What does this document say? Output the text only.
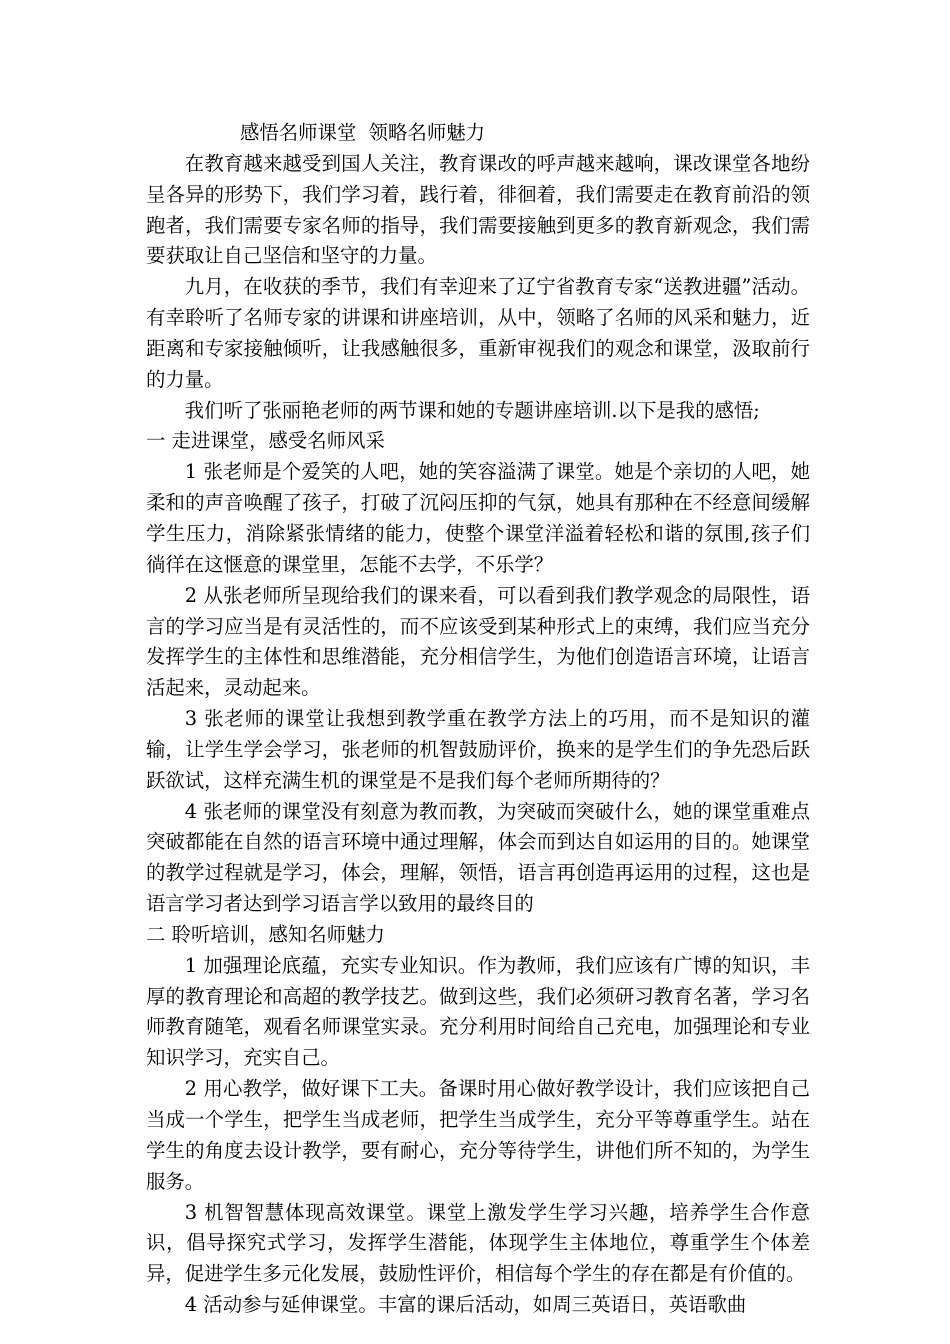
感悟名师课堂  领略名师魅力

在教育越来越受到国人关注，教育课改的呼声越来越响，课改课堂各地纷呈各异的形势下，我们学习着，践行着，徘徊着，我们需要走在教育前沿的领跑者，我们需要专家名师的指导，我们需要接触到更多的教育新观念，我们需要获取让自己坚信和坚守的力量。

九月，在收获的季节，我们有幸迎来了辽宁省教育专家“送教进疆”活动。有幸聆听了名师专家的讲课和讲座培训，从中，领略了名师的风采和魅力，近距离和专家接触倾听，让我感触很多，重新审视我们的观念和课堂，汲取前行的力量。

我们听了张丽艳老师的两节课和她的专题讲座培训.以下是我的感悟;

一 走进课堂，感受名师风采

1 张老师是个爱笑的人吧，她的笑容溢满了课堂。她是个亲切的人吧，她柔和的声音唤醒了孩子，打破了沉闷压抑的气氛，她具有那种在不经意间缓解学生压力，消除紧张情绪的能力，使整个课堂洋溢着轻松和谐的氛围,孩子们徜徉在这惬意的课堂里，怎能不去学，不乐学？

2 从张老师所呈现给我们的课来看，可以看到我们教学观念的局限性，语言的学习应当是有灵活性的，而不应该受到某种形式上的束缚，我们应当充分发挥学生的主体性和思维潜能，充分相信学生，为他们创造语言环境，让语言活起来，灵动起来。

3 张老师的课堂让我想到教学重在教学方法上的巧用，而不是知识的灌输，让学生学会学习，张老师的机智鼓励评价，换来的是学生们的争先恐后跃跃欲试，这样充满生机的课堂是不是我们每个老师所期待的？

4 张老师的课堂没有刻意为教而教，为突破而突破什么，她的课堂重难点突破都能在自然的语言环境中通过理解，体会而到达自如运用的目的。她课堂的教学过程就是学习，体会，理解，领悟，语言再创造再运用的过程，这也是语言学习者达到学习语言学以致用的最终目的

二 聆听培训，感知名师魅力

1 加强理论底蕴，充实专业知识。作为教师，我们应该有广博的知识，丰厚的教育理论和高超的教学技艺。做到这些，我们必须研习教育名著，学习名师教育随笔，观看名师课堂实录。充分利用时间给自己充电，加强理论和专业知识学习，充实自己。

2 用心教学，做好课下工夫。备课时用心做好教学设计，我们应该把自己当成一个学生，把学生当成老师，把学生当成学生，充分平等尊重学生。站在学生的角度去设计教学，要有耐心，充分等待学生，讲他们所不知的，为学生服务。

3 机智智慧体现高效课堂。课堂上激发学生学习兴趣，培养学生合作意识，倡导探究式学习，发挥学生潜能，体现学生主体地位，尊重学生个体差异，促进学生多元化发展，鼓励性评价，相信每个学生的存在都是有价值的。

4 活动参与延伸课堂。丰富的课后活动，如周三英语日，英语歌曲
